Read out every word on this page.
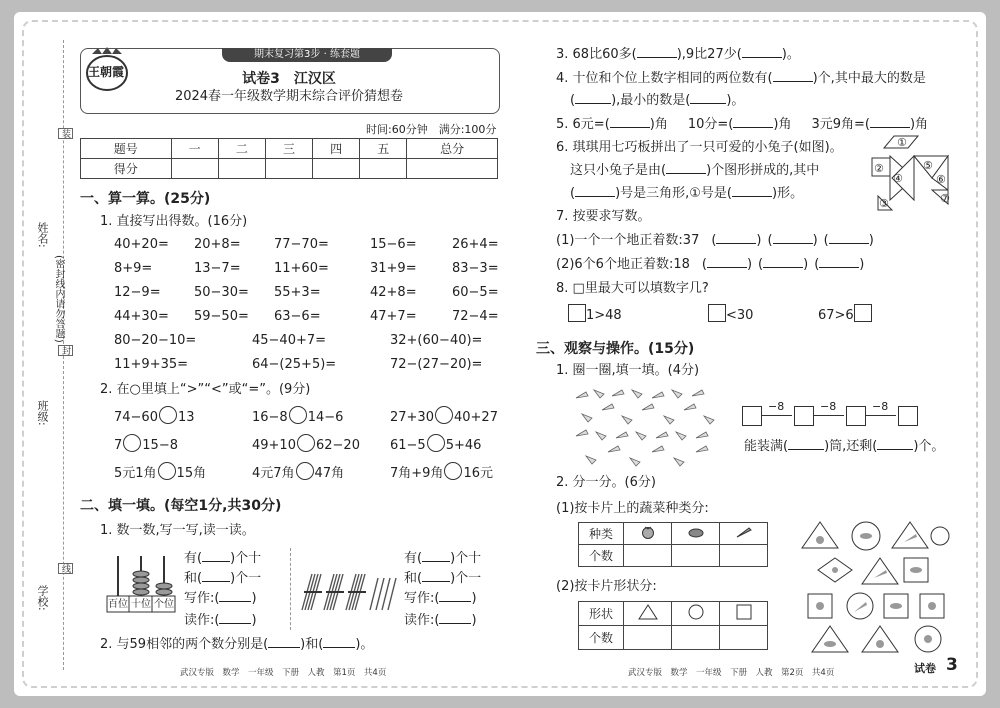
姓名:
(密封线内请勿答题)
班级:
学校:
装
封
线
王朝霞
期末复习第3步 · 练套题
试卷3　江汉区
2024春一年级数学期末综合评价猜想卷
时间:60分钟　满分:100分
题号	一	二	三	四	五	总分
得分						
一、算一算。(25分)
1. 直接写出得数。(16分)
40+20= 20+8=	77−70=	15−6=	26+4=
8+9=	13−7=	11+60=	31+9=	83−3=
12−9=	50−30= 55+3=	42+8=	60−5=
44+30= 59−50= 63−6=	47+7=	72−4=
80−20−10=	45−40+7=	32+(60−40)=
11+9+35=	64−(25+5)=	72−(27−20)=
2. 在○里填上“>”“<”或“=”。(9分)
74−60 13	16−8 14−6	27+30 40+27
7 15−8	49+10 62−20 61−5 5+46
5元1角 15角	4元7角 47角	7角+9角 16元
二、填一填。(每空1分,共30分)
1. 数一数,写一写,读一读。
百位 十位 个位
有( )个十
和( )个一
写作:( )
读作:( )
有( )个十
和( )个一
写作:( )
读作:( )
2. 与59相邻的两个数分别是( )和( )。
3. 68比60多(	),9比27少(	)。
4. 十位和个位上数字相同的两位数有(	)个,其中最大的数是
(	),最小的数是(	)。
5. 6元=(	)角 10分=(	)角 3元9角=(	)角
6. 琪琪用七巧板拼出了一只可爱的小兔子(如图)。
这只小兔子是由(	)个图形拼成的,其中
(	)号是三角形,①号是(	)形。
①
②
③
④
⑤
⑥
⑦
7. 按要求写数。
(1)一个一个地正着数:37 (	) (	) (	)
(2)6个6个地正着数:18 (	) (	) (	)
8. □里最大可以填数字几?
1>48	<30	67>6
三、观察与操作。(15分)
1. 圈一圈,填一填。(4分)
−8	−8	−8
能装满(	)筒,还剩(	)个。
2. 分一分。(6分)
(1)按卡片上的蔬菜种类分:
种类			
个数			
(2)按卡片形状分:
形状			
个数			
武汉专版　数学　一年级　下册　人教　第1页　共4页	武汉专版　数学　一年级　下册　人教　第2页　共4页	试卷 3
